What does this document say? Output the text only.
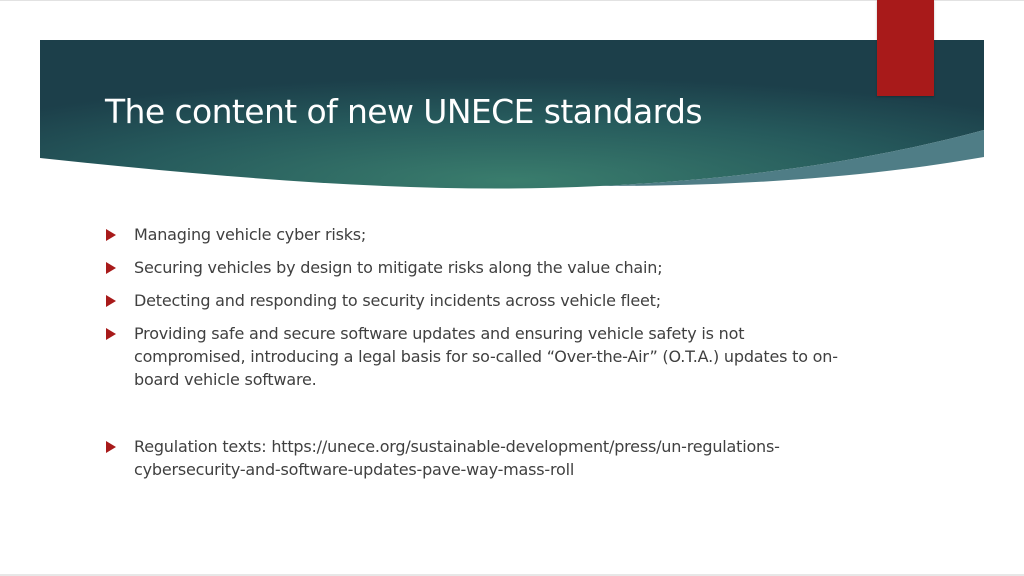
The content of new UNECE standards
Managing vehicle cyber risks;
Securing vehicles by design to mitigate risks along the value chain;
Detecting and responding to security incidents across vehicle fleet;
Providing safe and secure software updates and ensuring vehicle safety is not compromised, introducing a legal basis for so-called “Over-the-Air” (O.T.A.) updates to on-board vehicle software.
Regulation texts: https://unece.org/sustainable-development/press/un-regulations-cybersecurity-and-software-updates-pave-way-mass-roll
